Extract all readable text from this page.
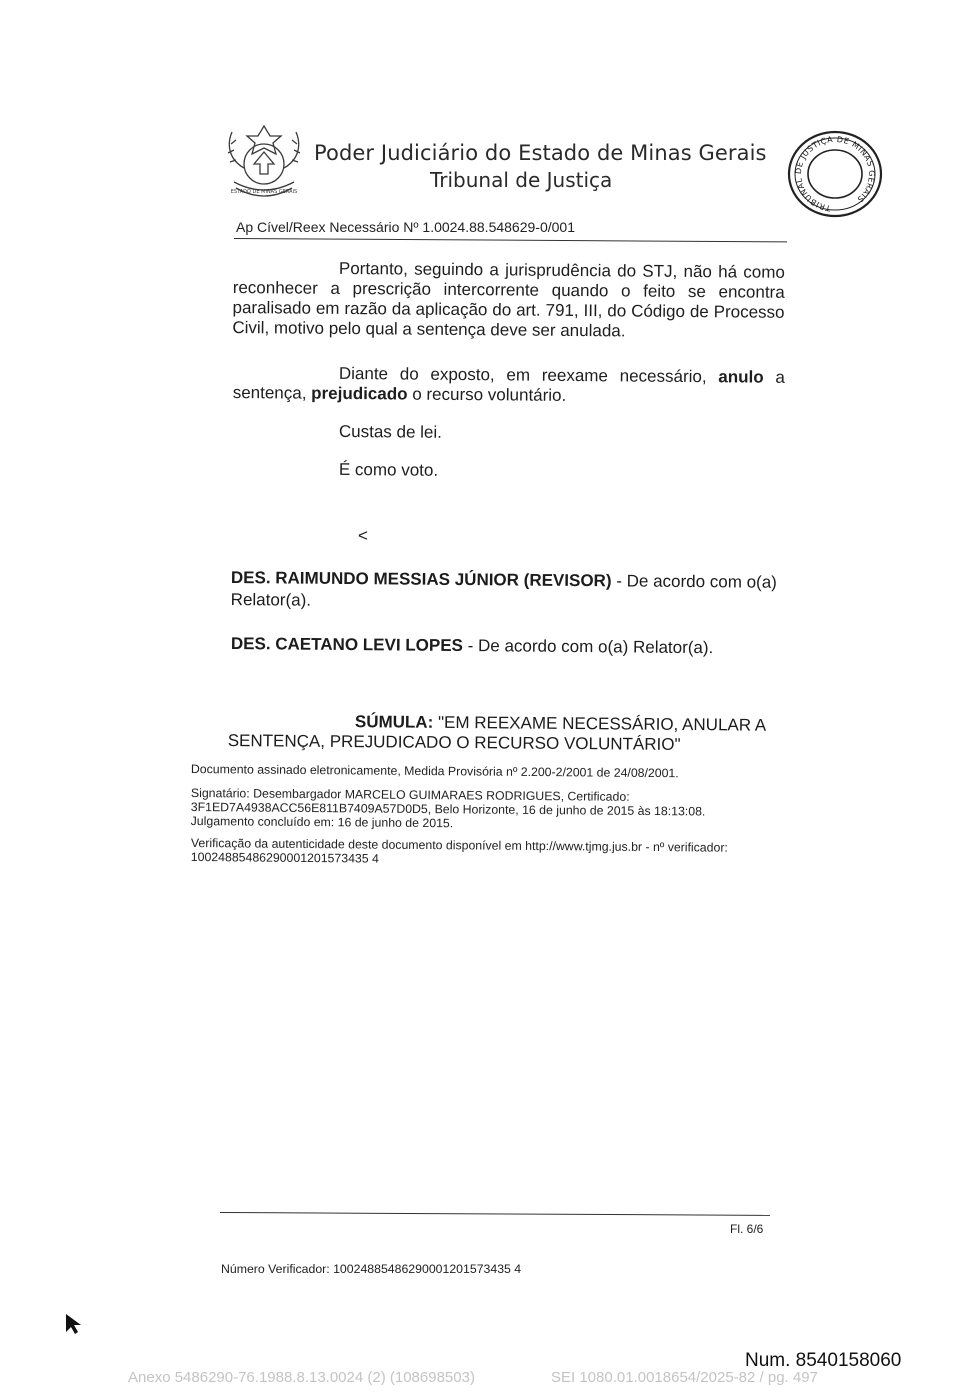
ESTADO DE MINAS GERAIS
Poder Judiciário do Estado de Minas Gerais
Tribunal de Justiça
TRIBUNAL DE JUSTIÇA DE MINAS GERAIS
Ap Cível/Reex Necessário Nº 1.0024.88.548629-0/001
Portanto, seguindo a jurisprudência do STJ, não há como reconhecer a prescrição intercorrente quando o feito se encontra paralisado em razão da aplicação do art. 791, III, do Código de Processo Civil, motivo pelo qual a sentença deve ser anulada.
Diante do exposto, em reexame necessário, anulo a sentença, prejudicado o recurso voluntário.
Custas de lei.
É como voto.
<
DES. RAIMUNDO MESSIAS JÚNIOR (REVISOR) - De acordo com o(a) Relator(a).
DES. CAETANO LEVI LOPES - De acordo com o(a) Relator(a).
SÚMULA: "EM REEXAME NECESSÁRIO, ANULAR A
SENTENÇA, PREJUDICADO O RECURSO VOLUNTÁRIO"
Documento assinado eletronicamente, Medida Provisória nº 2.200-2/2001 de 24/08/2001.
Signatário: Desembargador MARCELO GUIMARAES RODRIGUES, Certificado:
3F1ED7A4938ACC56E811B7409A57D0D5, Belo Horizonte, 16 de junho de 2015 às 18:13:08.
Julgamento concluído em: 16 de junho de 2015.
Verificação da autenticidade deste documento disponível em http://www.tjmg.jus.br - nº verificador:
10024885486290001201573435 4
Fl. 6/6
Número Verificador: 10024885486290001201573435 4
Num. 8540158060
Anexo 5486290-76.1988.8.13.0024 (2) (108698503)	SEI 1080.01.0018654/2025-82 / pg. 497
